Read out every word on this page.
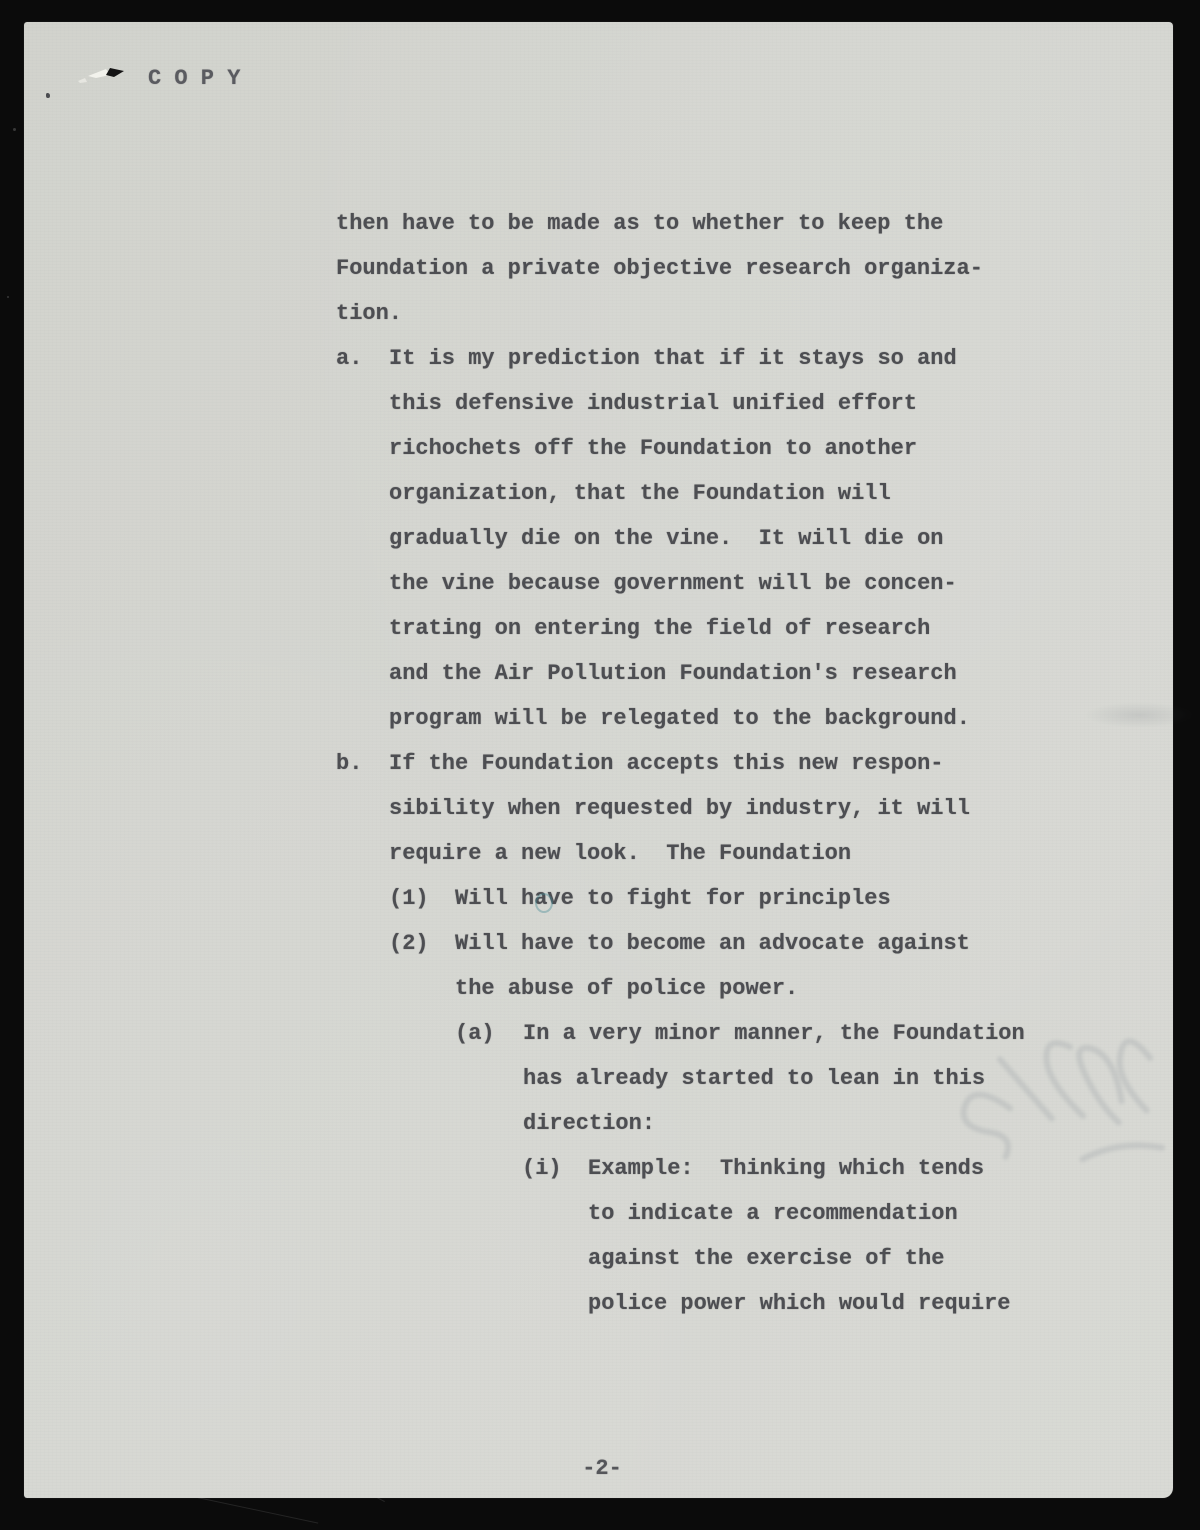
C O P Y
then have to be made as to whether to keep the
Foundation a private objective research organiza-
tion.
a.	It is my prediction that if it stays so and
this defensive industrial unified effort
richochets off the Foundation to another
organization, that the Foundation will
gradually die on the vine.  It will die on
the vine because government will be concen-
trating on entering the field of research
and the Air Pollution Foundation's research
program will be relegated to the background.
b.	If the Foundation accepts this new respon-
sibility when requested by industry, it will
require a new look.  The Foundation
(1)	Will have to fight for principles
(2)	Will have to become an advocate against
the abuse of police power.
(a)	In a very minor manner, the Foundation
has already started to lean in this
direction:
(i)	Example:  Thinking which tends
to indicate a recommendation
against the exercise of the
police power which would require
-2-
